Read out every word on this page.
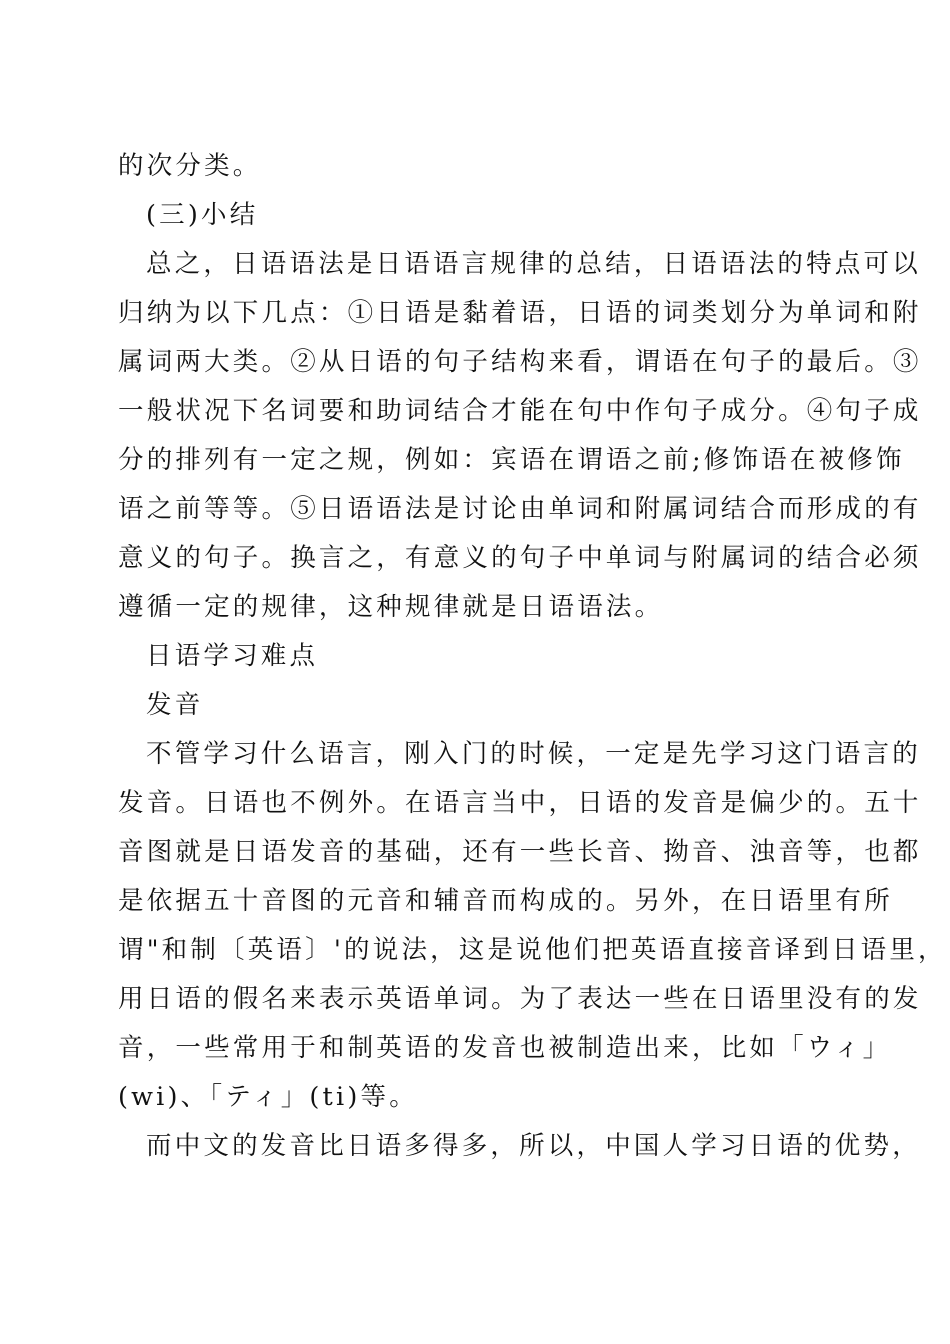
的次分类。
(三)小结
总之，日语语法是日语语言规律的总结，日语语法的特点可以
归纳为以下几点：①日语是黏着语，日语的词类划分为单词和附
属词两大类。②从日语的句子结构来看，谓语在句子的最后。③
一般状况下名词要和助词结合才能在句中作句子成分。④句子成
分的排列有一定之规，例如：宾语在谓语之前;修饰语在被修饰
语之前等等。⑤日语语法是讨论由单词和附属词结合而形成的有
意义的句子。换言之，有意义的句子中单词与附属词的结合必须
遵循一定的规律，这种规律就是日语语法。
日语学习难点
发音
不管学习什么语言，刚入门的时候，一定是先学习这门语言的
发音。日语也不例外。在语言当中，日语的发音是偏少的。五十
音图就是日语发音的基础，还有一些长音、拗音、浊音等，也都
是依据五十音图的元音和辅音而构成的。另外，在日语里有所
谓"和制〔英语〕'的说法，这是说他们把英语直接音译到日语里，
用日语的假名来表示英语单词。为了表达一些在日语里没有的发
音，一些常用于和制英语的发音也被制造出来，比如「ウィ」
(wi)、「ティ」(ti)等。
而中文的发音比日语多得多，所以，中国人学习日语的优势，
